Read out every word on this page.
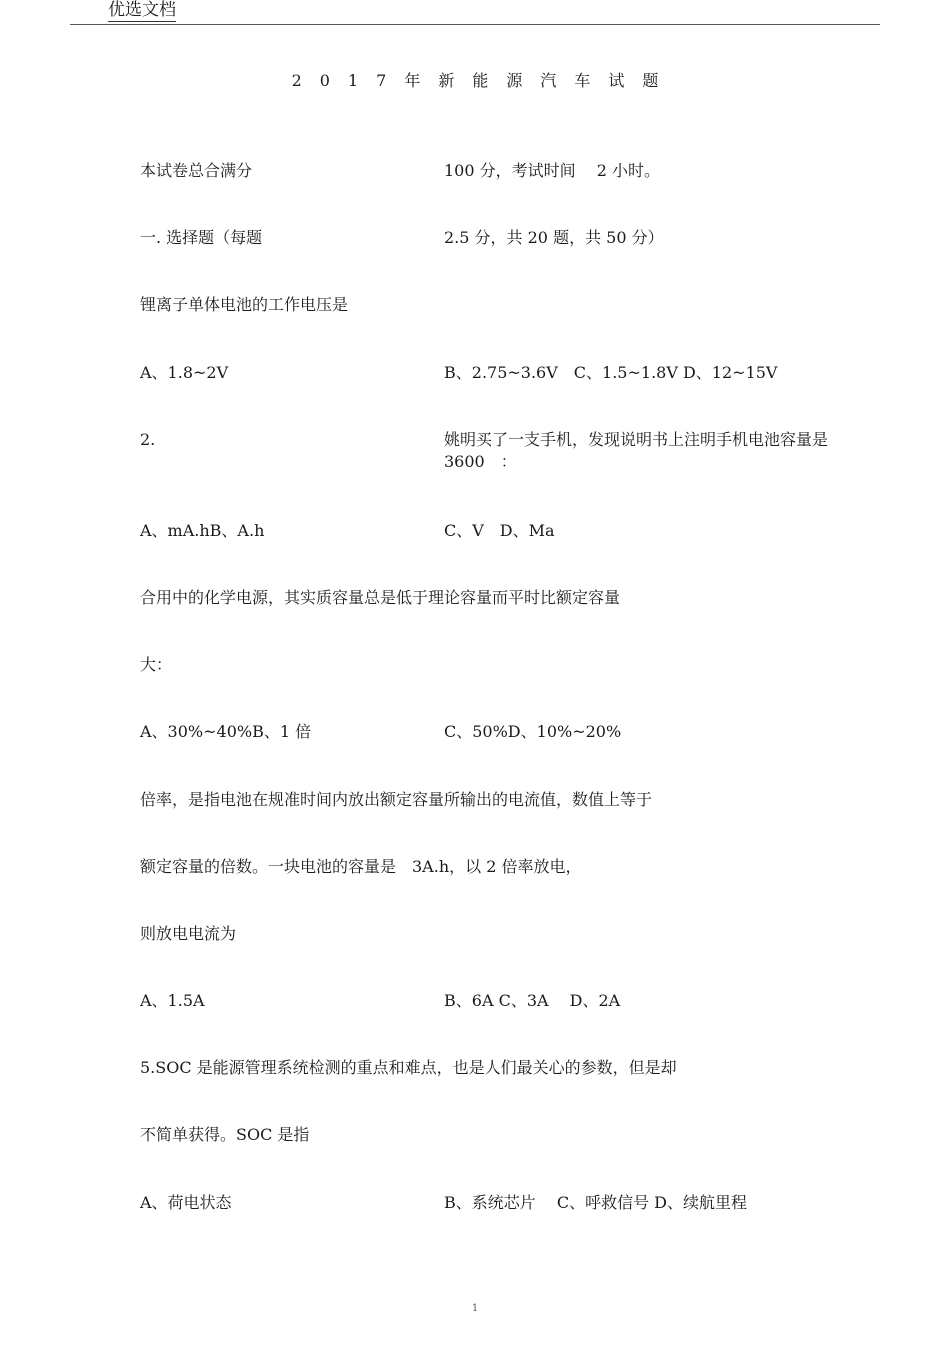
优选文档
2017年新能源汽车试题
本试卷总合满分	100 分，考试时间　 2 小时。
一. 选择题（每题	2.5 分，共 20 题，共 50 分）
锂离子单体电池的工作电压是
A、1.8~2V	B、2.75~3.6V　C、1.5~1.8V D、12~15V
2.	姚明买了一支手机，发现说明书上注明手机电池容量是 3600　：
A、mA.hB、A.h	C、V　D、Ma
合用中的化学电源，其实质容量总是低于理论容量而平时比额定容量
大：
A、30%~40%B、1 倍	C、50%D、10%~20%
倍率，是指电池在规准时间内放出额定容量所输出的电流值，数值上等于
额定容量的倍数。一块电池的容量是　3A.h，以 2 倍率放电，
则放电电流为
A、1.5A	B、6A C、3A　 D、2A
5.SOC 是能源管理系统检测的重点和难点，也是人们最关心的参数，但是却
不简单获得。SOC 是指
A、荷电状态	B、系统芯片　 C、呼救信号 D、续航里程
1
